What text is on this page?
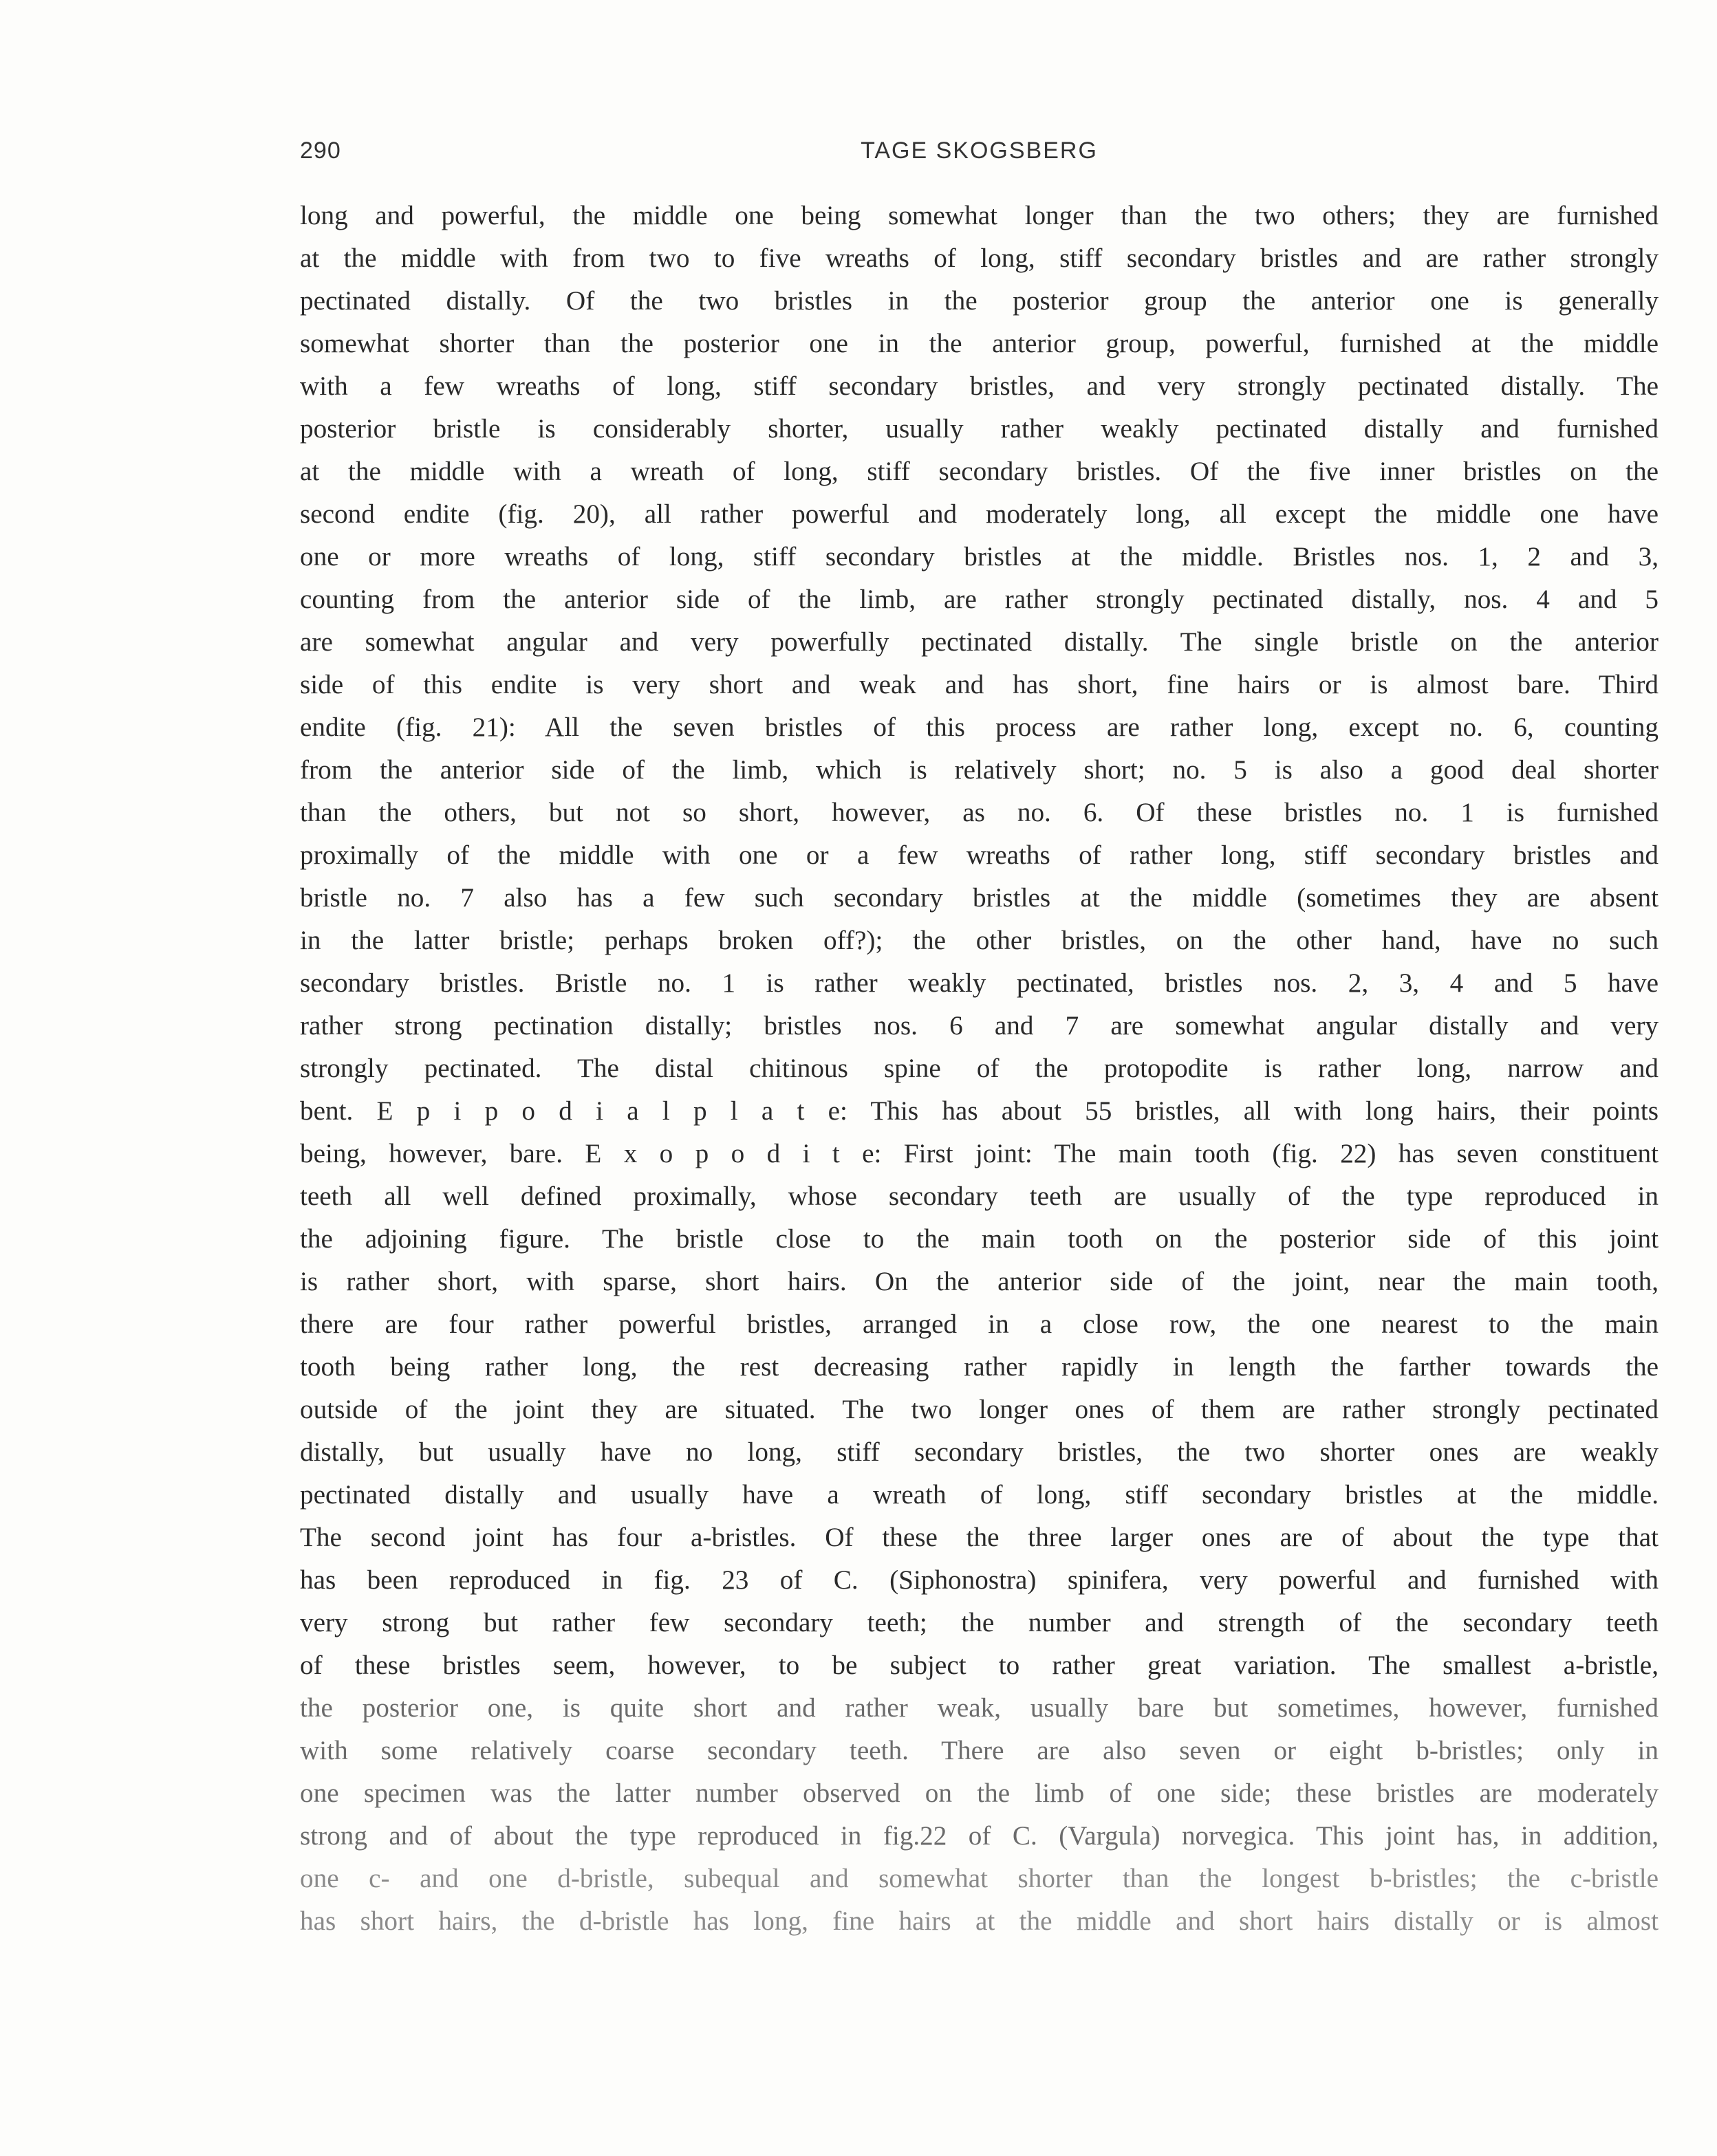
290	TAGE SKOGSBERG
long and powerful, the middle one being somewhat longer than the two others; they are furnished
at the middle with from two to five wreaths of long, stiff secondary bristles and are rather strongly
pectinated distally. Of the two bristles in the posterior group the anterior one is generally
somewhat shorter than the posterior one in the anterior group, powerful, furnished at the middle
with a few wreaths of long, stiff secondary bristles, and very strongly pectinated distally. The
posterior bristle is considerably shorter, usually rather weakly pectinated distally and furnished
at the middle with a wreath of long, stiff secondary bristles. Of the five inner bristles on the
second endite (fig. 20), all rather powerful and moderately long, all except the middle one have
one or more wreaths of long, stiff secondary bristles at the middle. Bristles nos. 1, 2 and 3,
counting from the anterior side of the limb, are rather strongly pectinated distally, nos. 4 and 5
are somewhat angular and very powerfully pectinated distally. The single bristle on the anterior
side of this endite is very short and weak and has short, fine hairs or is almost bare. Third
endite (fig. 21): All the seven bristles of this process are rather long, except no. 6, counting
from the anterior side of the limb, which is relatively short; no. 5 is also a good deal shorter
than the others, but not so short, however, as no. 6. Of these bristles no. 1 is furnished
proximally of the middle with one or a few wreaths of rather long, stiff secondary bristles and
bristle no. 7 also has a few such secondary bristles at the middle (sometimes they are absent
in the latter bristle; perhaps broken off?); the other bristles, on the other hand, have no such
secondary bristles. Bristle no. 1 is rather weakly pectinated, bristles nos. 2, 3, 4 and 5 have
rather strong pectination distally; bristles nos. 6 and 7 are somewhat angular distally and very
strongly pectinated. The distal chitinous spine of the protopodite is rather long, narrow and
bent. E p i p o d i a l p l a t e: This has about 55 bristles, all with long hairs, their points
being, however, bare. E x o p o d i t e: First joint: The main tooth (fig. 22) has seven constituent
teeth all well defined proximally, whose secondary teeth are usually of the type reproduced in
the adjoining figure. The bristle close to the main tooth on the posterior side of this joint
is rather short, with sparse, short hairs. On the anterior side of the joint, near the main tooth,
there are four rather powerful bristles, arranged in a close row, the one nearest to the main
tooth being rather long, the rest decreasing rather rapidly in length the farther towards the
outside of the joint they are situated. The two longer ones of them are rather strongly pectinated
distally, but usually have no long, stiff secondary bristles, the two shorter ones are weakly
pectinated distally and usually have a wreath of long, stiff secondary bristles at the middle.
The second joint has four a-bristles. Of these the three larger ones are of about the type that
has been reproduced in fig. 23 of C. (Siphonostra) spinifera, very powerful and furnished with
very strong but rather few secondary teeth; the number and strength of the secondary teeth
of these bristles seem, however, to be subject to rather great variation. The smallest a-bristle,
the posterior one, is quite short and rather weak, usually bare but sometimes, however, furnished
with some relatively coarse secondary teeth. There are also seven or eight b-bristles; only in
one specimen was the latter number observed on the limb of one side; these bristles are moderately
strong and of about the type reproduced in fig.22 of C. (Vargula) norvegica. This joint has, in addition,
one c- and one d-bristle, subequal and somewhat shorter than the longest b-bristles; the c-bristle
has short hairs, the d-bristle has long, fine hairs at the middle and short hairs distally or is almost
